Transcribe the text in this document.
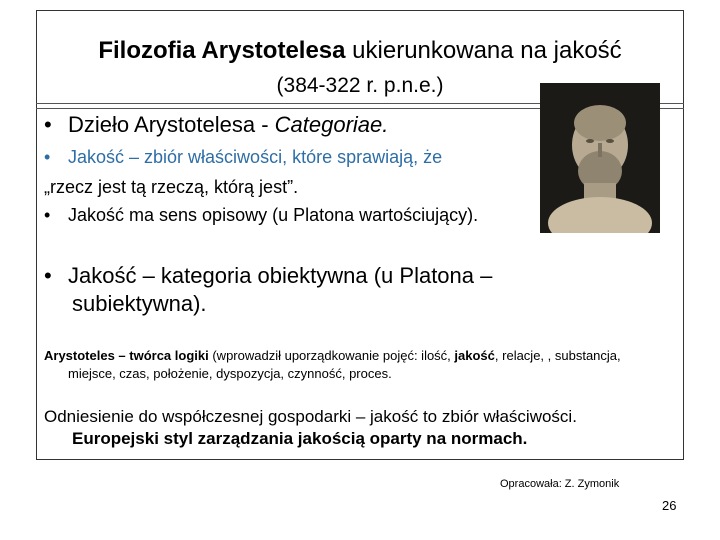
Filozofia Arystotelesa ukierunkowana na jakość
(384-322 r. p.n.e.)
• Dzieło Arystotelesa - Categoriae.
• Jakość – zbiór właściwości, które sprawiają, że
„rzecz jest tą rzeczą, którą jest”.
• Jakość ma sens opisowy (u Platona wartościujący).
• Jakość – kategoria obiektywna (u Platona –
subiektywna).
Arystoteles – twórca logiki (wprowadził uporządkowanie pojęć: ilość, jakość, relacje, , substancja,
miejsce, czas, położenie, dyspozycja, czynność, proces.
Odniesienie do współczesnej gospodarki – jakość to zbiór właściwości.
Europejski styl zarządzania jakością oparty na normach.
Opracowała: Z. Zymonik
26
